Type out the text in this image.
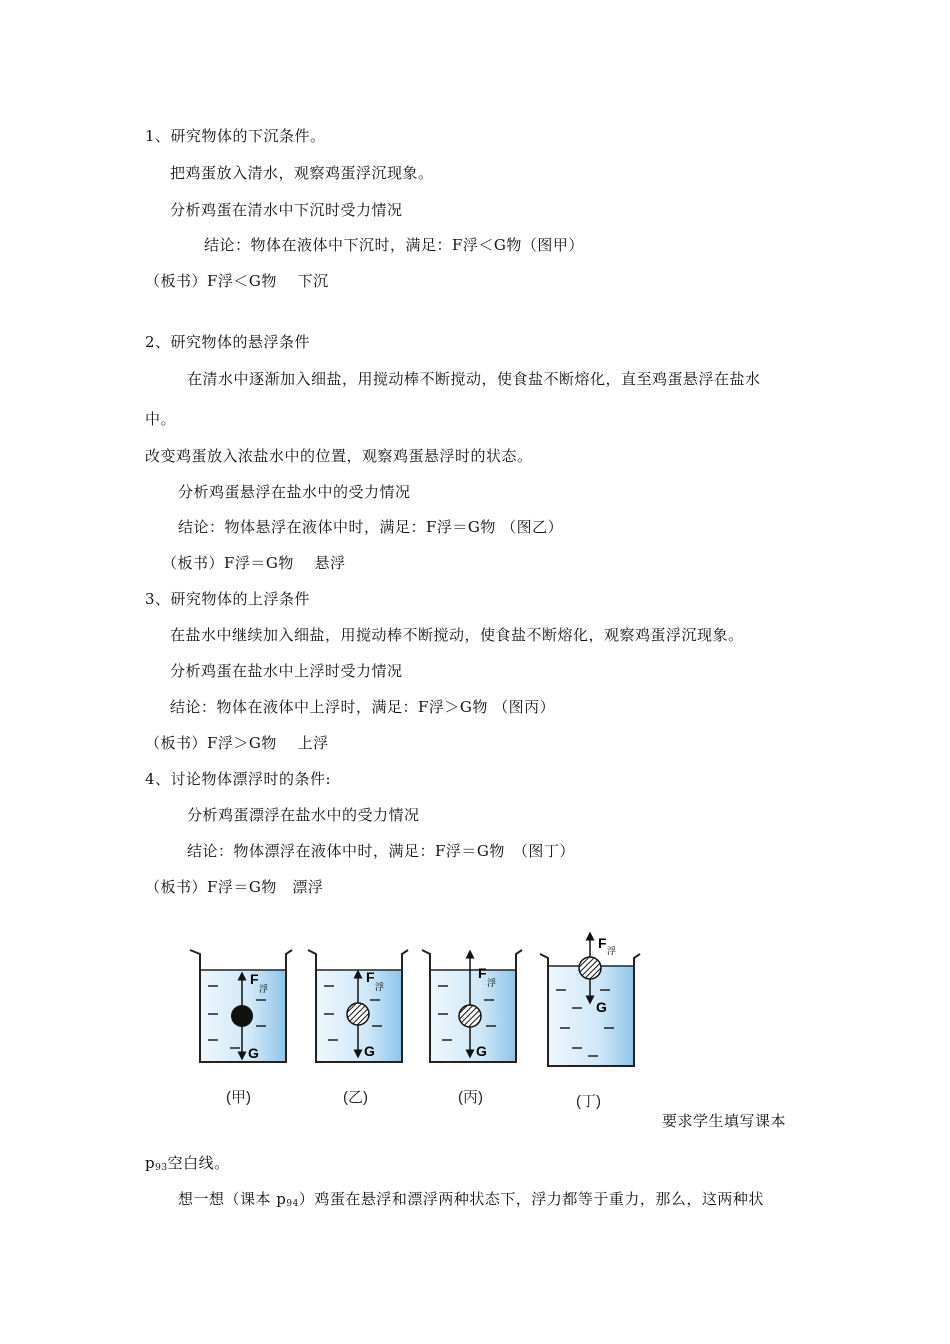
1、研究物体的下沉条件。
把鸡蛋放入清水，观察鸡蛋浮沉现象。
分析鸡蛋在清水中下沉时受力情况
结论：物体在液体中下沉时，满足：F浮＜G物（图甲）
（板书）F浮＜G物　 下沉
2、研究物体的悬浮条件
在清水中逐渐加入细盐，用搅动棒不断搅动，使食盐不断熔化，直至鸡蛋悬浮在盐水
中。
改变鸡蛋放入浓盐水中的位置，观察鸡蛋悬浮时的状态。
分析鸡蛋悬浮在盐水中的受力情况
结论：物体悬浮在液体中时，满足：F浮＝G物 （图乙）
（板书）F浮＝G物　 悬浮
3、研究物体的上浮条件
在盐水中继续加入细盐，用搅动棒不断搅动，使食盐不断熔化，观察鸡蛋浮沉现象。
分析鸡蛋在盐水中上浮时受力情况
结论：物体在液体中上浮时，满足：F浮＞G物 （图丙）
（板书）F浮＞G物　 上浮
4、讨论物体漂浮时的条件:
分析鸡蛋漂浮在盐水中的受力情况
结论：物体漂浮在液体中时，满足：F浮＝G物　（图丁）
（板书）F浮＝G物　漂浮
F
浮
G
F
浮
G
F
浮
G
F 浮
G
(甲)	(乙)	(丙)	(丁)
要求学生填写课本
$p_{93}$空白线。
想一想（课本 $p_{94}$）鸡蛋在悬浮和漂浮两种状态下，浮力都等于重力，那么，这两种状
